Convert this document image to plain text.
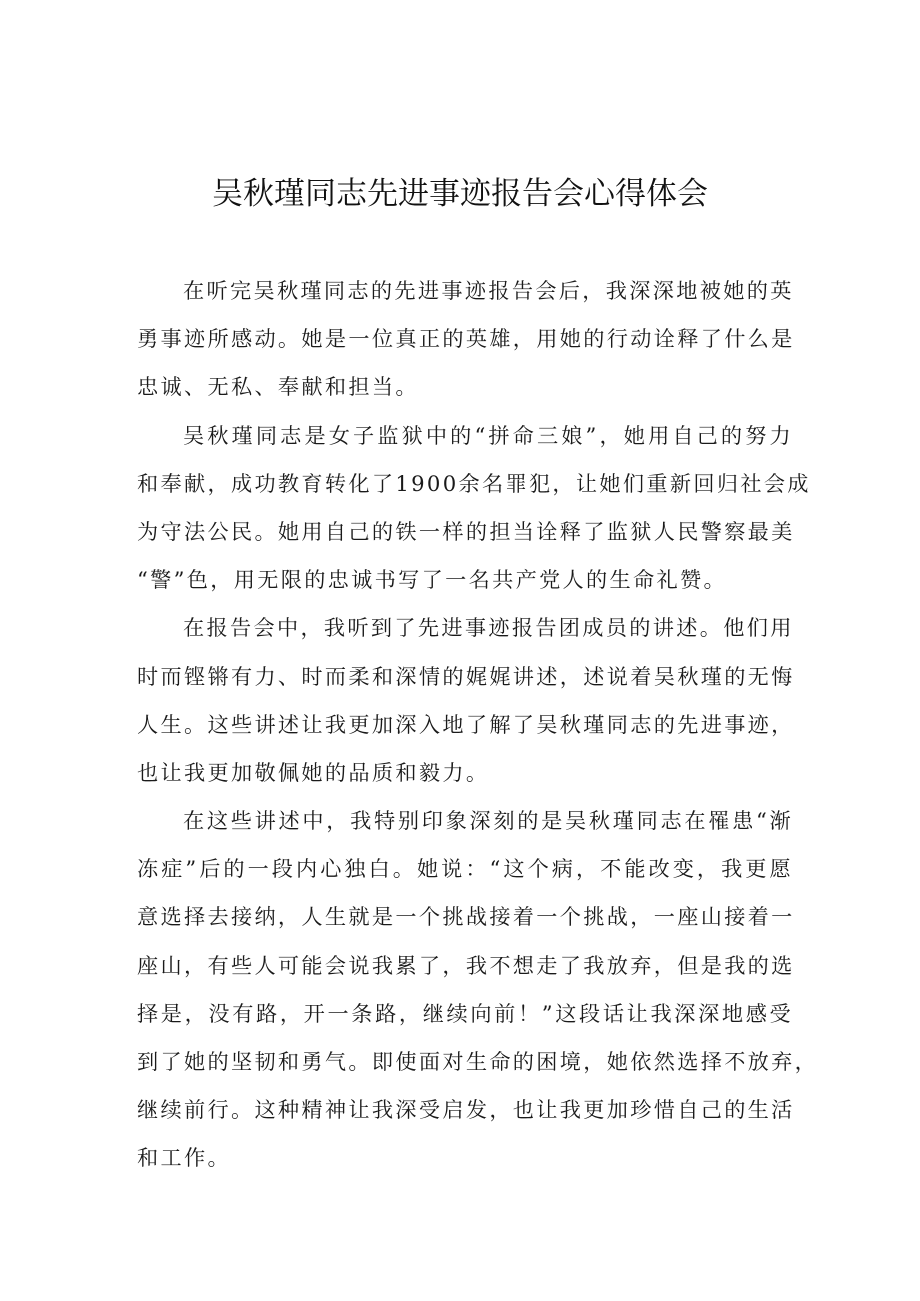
吴秋瑾同志先进事迹报告会心得体会
在听完吴秋瑾同志的先进事迹报告会后，我深深地被她的英
勇事迹所感动。她是一位真正的英雄，用她的行动诠释了什么是
忠诚、无私、奉献和担当。
吴秋瑾同志是女子监狱中的“拼命三娘”，她用自己的努力
和奉献，成功教育转化了1900余名罪犯，让她们重新回归社会成
为守法公民。她用自己的铁一样的担当诠释了监狱人民警察最美
“警”色，用无限的忠诚书写了一名共产党人的生命礼赞。
在报告会中，我听到了先进事迹报告团成员的讲述。他们用
时而铿锵有力、时而柔和深情的娓娓讲述，述说着吴秋瑾的无悔
人生。这些讲述让我更加深入地了解了吴秋瑾同志的先进事迹，
也让我更加敬佩她的品质和毅力。
在这些讲述中，我特别印象深刻的是吴秋瑾同志在罹患“渐
冻症”后的一段内心独白。她说：“这个病，不能改变，我更愿
意选择去接纳，人生就是一个挑战接着一个挑战，一座山接着一
座山，有些人可能会说我累了，我不想走了我放弃，但是我的选
择是，没有路，开一条路，继续向前！”这段话让我深深地感受
到了她的坚韧和勇气。即使面对生命的困境，她依然选择不放弃，
继续前行。这种精神让我深受启发，也让我更加珍惜自己的生活
和工作。
